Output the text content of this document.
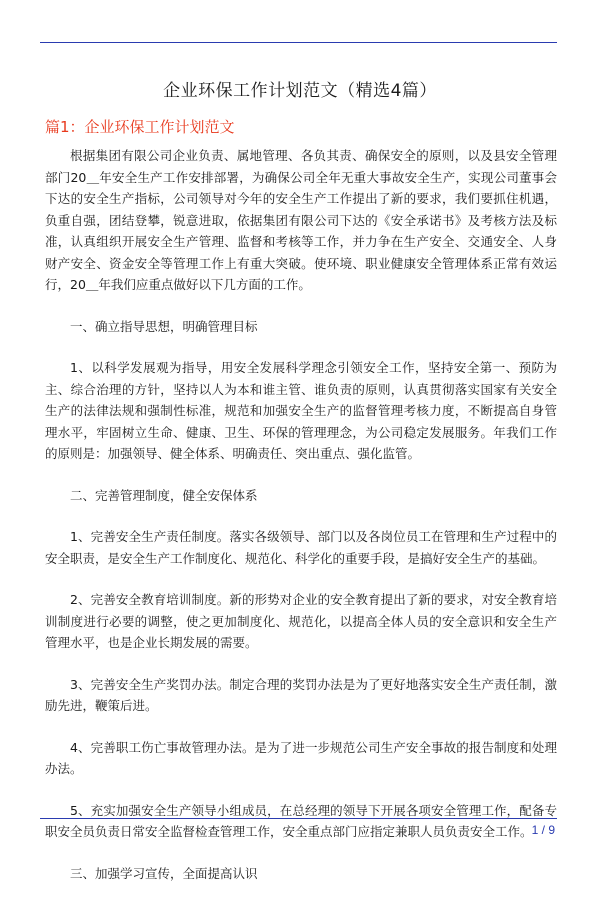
企业环保工作计划范文（精选4篇）
篇1：企业环保工作计划范文

根据集团有限公司企业负责、属地管理、各负其责、确保安全的原则，以及县安全管理部门20＿年安全生产工作安排部署，为确保公司全年无重大事故安全生产，实现公司董事会下达的安全生产指标，公司领导对今年的安全生产工作提出了新的要求，我们要抓住机遇，负重自强，团结登攀，锐意进取，依据集团有限公司下达的《安全承诺书》及考核方法及标准，认真组织开展安全生产管理、监督和考核等工作，并力争在生产安全、交通安全、人身财产安全、资金安全等管理工作上有重大突破。使环境、职业健康安全管理体系正常有效运行，20＿年我们应重点做好以下几方面的工作。

一、确立指导思想，明确管理目标

1、以科学发展观为指导，用安全发展科学理念引领安全工作，坚持安全第一、预防为主、综合治理的方针，坚持以人为本和谁主管、谁负责的原则，认真贯彻落实国家有关安全生产的法律法规和强制性标准，规范和加强安全生产的监督管理考核力度，不断提高自身管理水平，牢固树立生命、健康、卫生、环保的管理理念，为公司稳定发展服务。年我们工作的原则是：加强领导、健全体系、明确责任、突出重点、强化监管。

二、完善管理制度，健全安保体系

1、完善安全生产责任制度。落实各级领导、部门以及各岗位员工在管理和生产过程中的安全职责，是安全生产工作制度化、规范化、科学化的重要手段，是搞好安全生产的基础。

2、完善安全教育培训制度。新的形势对企业的安全教育提出了新的要求，对安全教育培训制度进行必要的调整，使之更加制度化、规范化，以提高全体人员的安全意识和安全生产管理水平，也是企业长期发展的需要。

3、完善安全生产奖罚办法。制定合理的奖罚办法是为了更好地落实安全生产责任制，激励先进，鞭策后进。

4、完善职工伤亡事故管理办法。是为了进一步规范公司生产安全事故的报告制度和处理办法。

5、充实加强安全生产领导小组成员，在总经理的领导下开展各项安全管理工作，配备专职安全员负责日常安全监督检查管理工作，安全重点部门应指定兼职人员负责安全工作。

三、加强学习宣传，全面提高认识

1 / 9
